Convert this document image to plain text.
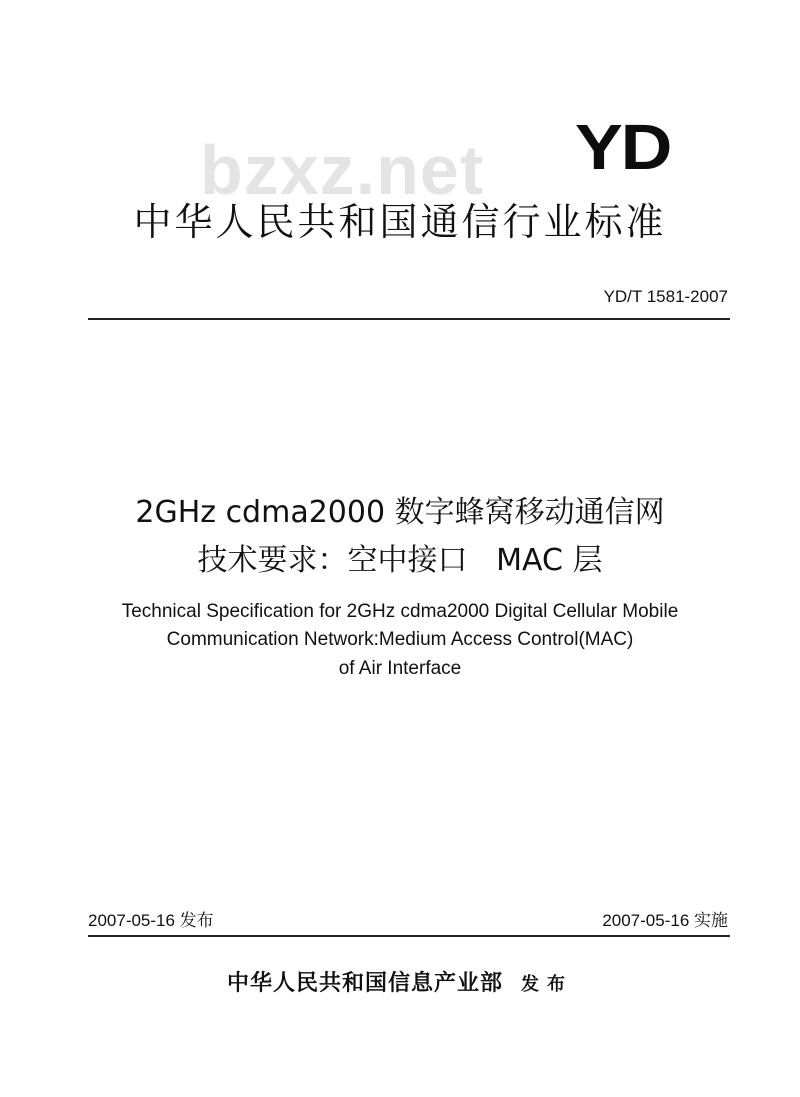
YD
bzxz.net
中华人民共和国通信行业标准
YD/T 1581-2007
2GHz cdma2000 数字蜂窝移动通信网
技术要求：空中接口   MAC 层
Technical Specification for 2GHz cdma2000 Digital Cellular Mobile
Communication Network:Medium Access Control(MAC)
of Air Interface
2007-05-16 发布	2007-05-16 实施
中华人民共和国信息产业部 发布
